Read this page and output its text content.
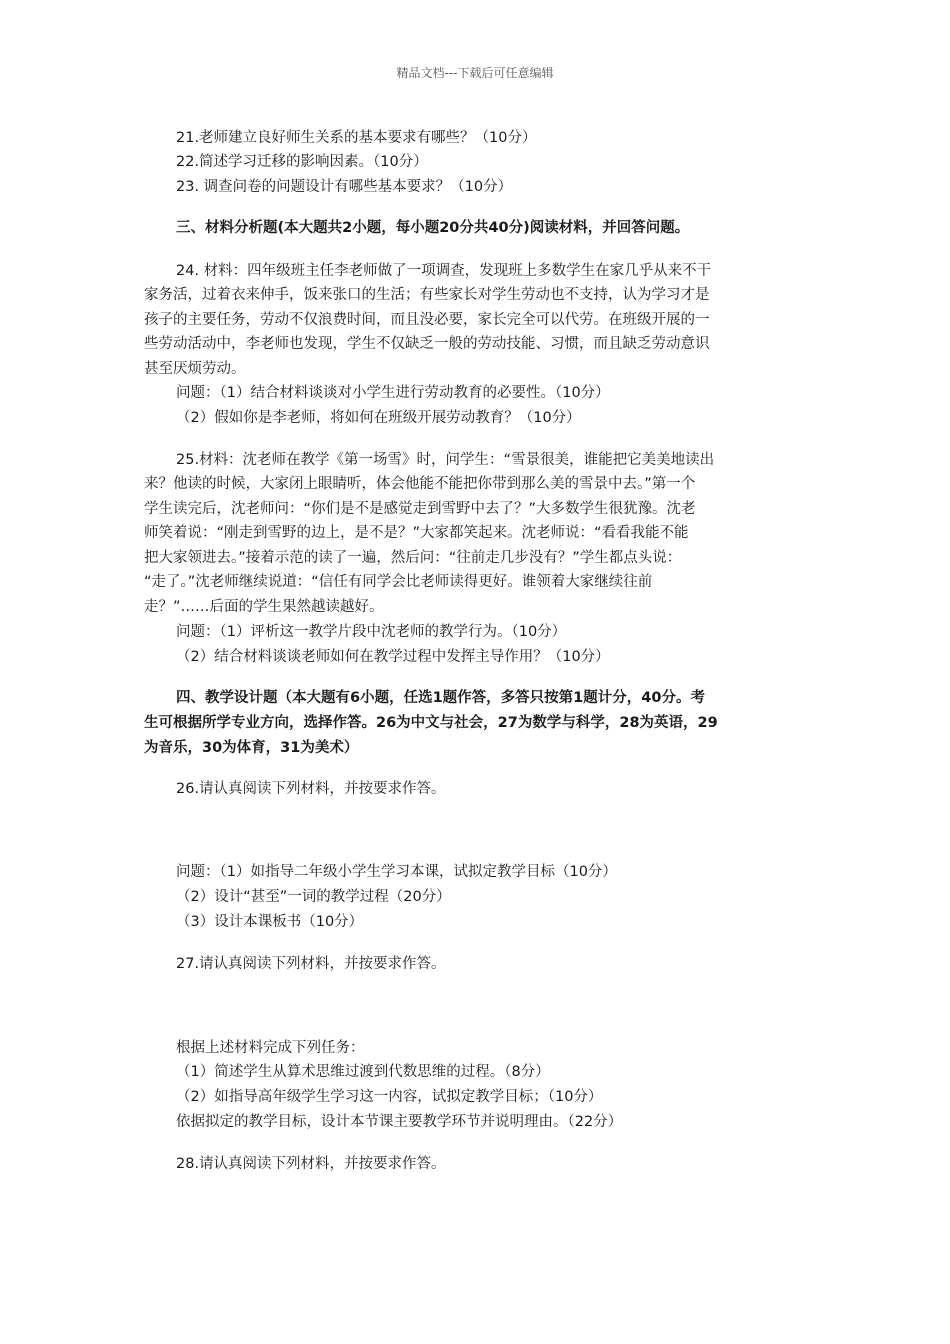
精品文档---下载后可任意编辑
21.老师建立良好师生关系的基本要求有哪些？（10分）
22.简述学习迁移的影响因素。（10分）
23. 调查问卷的问题设计有哪些基本要求？（10分）
三、材料分析题(本大题共2小题，每小题20分共40分)阅读材料，并回答问题。
24. 材料：四年级班主任李老师做了一项调查，发现班上多数学生在家几乎从来不干
家务活，过着衣来伸手，饭来张口的生活；有些家长对学生劳动也不支持，认为学习才是
孩子的主要任务，劳动不仅浪费时间，而且没必要，家长完全可以代劳。在班级开展的一
些劳动活动中，李老师也发现，学生不仅缺乏一般的劳动技能、习惯，而且缺乏劳动意识
甚至厌烦劳动。
问题：（1）结合材料谈谈对小学生进行劳动教育的必要性。（10分）
（2）假如你是李老师，将如何在班级开展劳动教育？（10分）
25.材料：沈老师在教学《第一场雪》时，问学生：“雪景很美，谁能把它美美地读出
来？他读的时候，大家闭上眼睛听，体会他能不能把你带到那么美的雪景中去。”第一个
学生读完后，沈老师问：“你们是不是感觉走到雪野中去了？”大多数学生很犹豫。沈老
师笑着说：“刚走到雪野的边上，是不是？”大家都笑起来。沈老师说：“看看我能不能
把大家领进去。”接着示范的读了一遍，然后问：“往前走几步没有？”学生都点头说：
“走了。”沈老师继续说道：“信任有同学会比老师读得更好。谁领着大家继续往前
走？”……后面的学生果然越读越好。
问题：（1）评析这一教学片段中沈老师的教学行为。（10分）
（2）结合材料谈谈老师如何在教学过程中发挥主导作用？（10分）
四、教学设计题（本大题有6小题，任选1题作答，多答只按第1题计分，40分。考
生可根据所学专业方向，选择作答。26为中文与社会，27为数学与科学，28为英语，29
为音乐，30为体育，31为美术）
26.请认真阅读下列材料，并按要求作答。
问题：（1）如指导二年级小学生学习本课，试拟定教学目标（10分）
（2）设计“甚至”一词的教学过程（20分）
（3）设计本课板书（10分）
27.请认真阅读下列材料，并按要求作答。
根据上述材料完成下列任务：
（1）简述学生从算术思维过渡到代数思维的过程。（8分）
（2）如指导高年级学生学习这一内容，试拟定教学目标；（10分）
依据拟定的教学目标，设计本节课主要教学环节并说明理由。（22分）
28.请认真阅读下列材料，并按要求作答。
